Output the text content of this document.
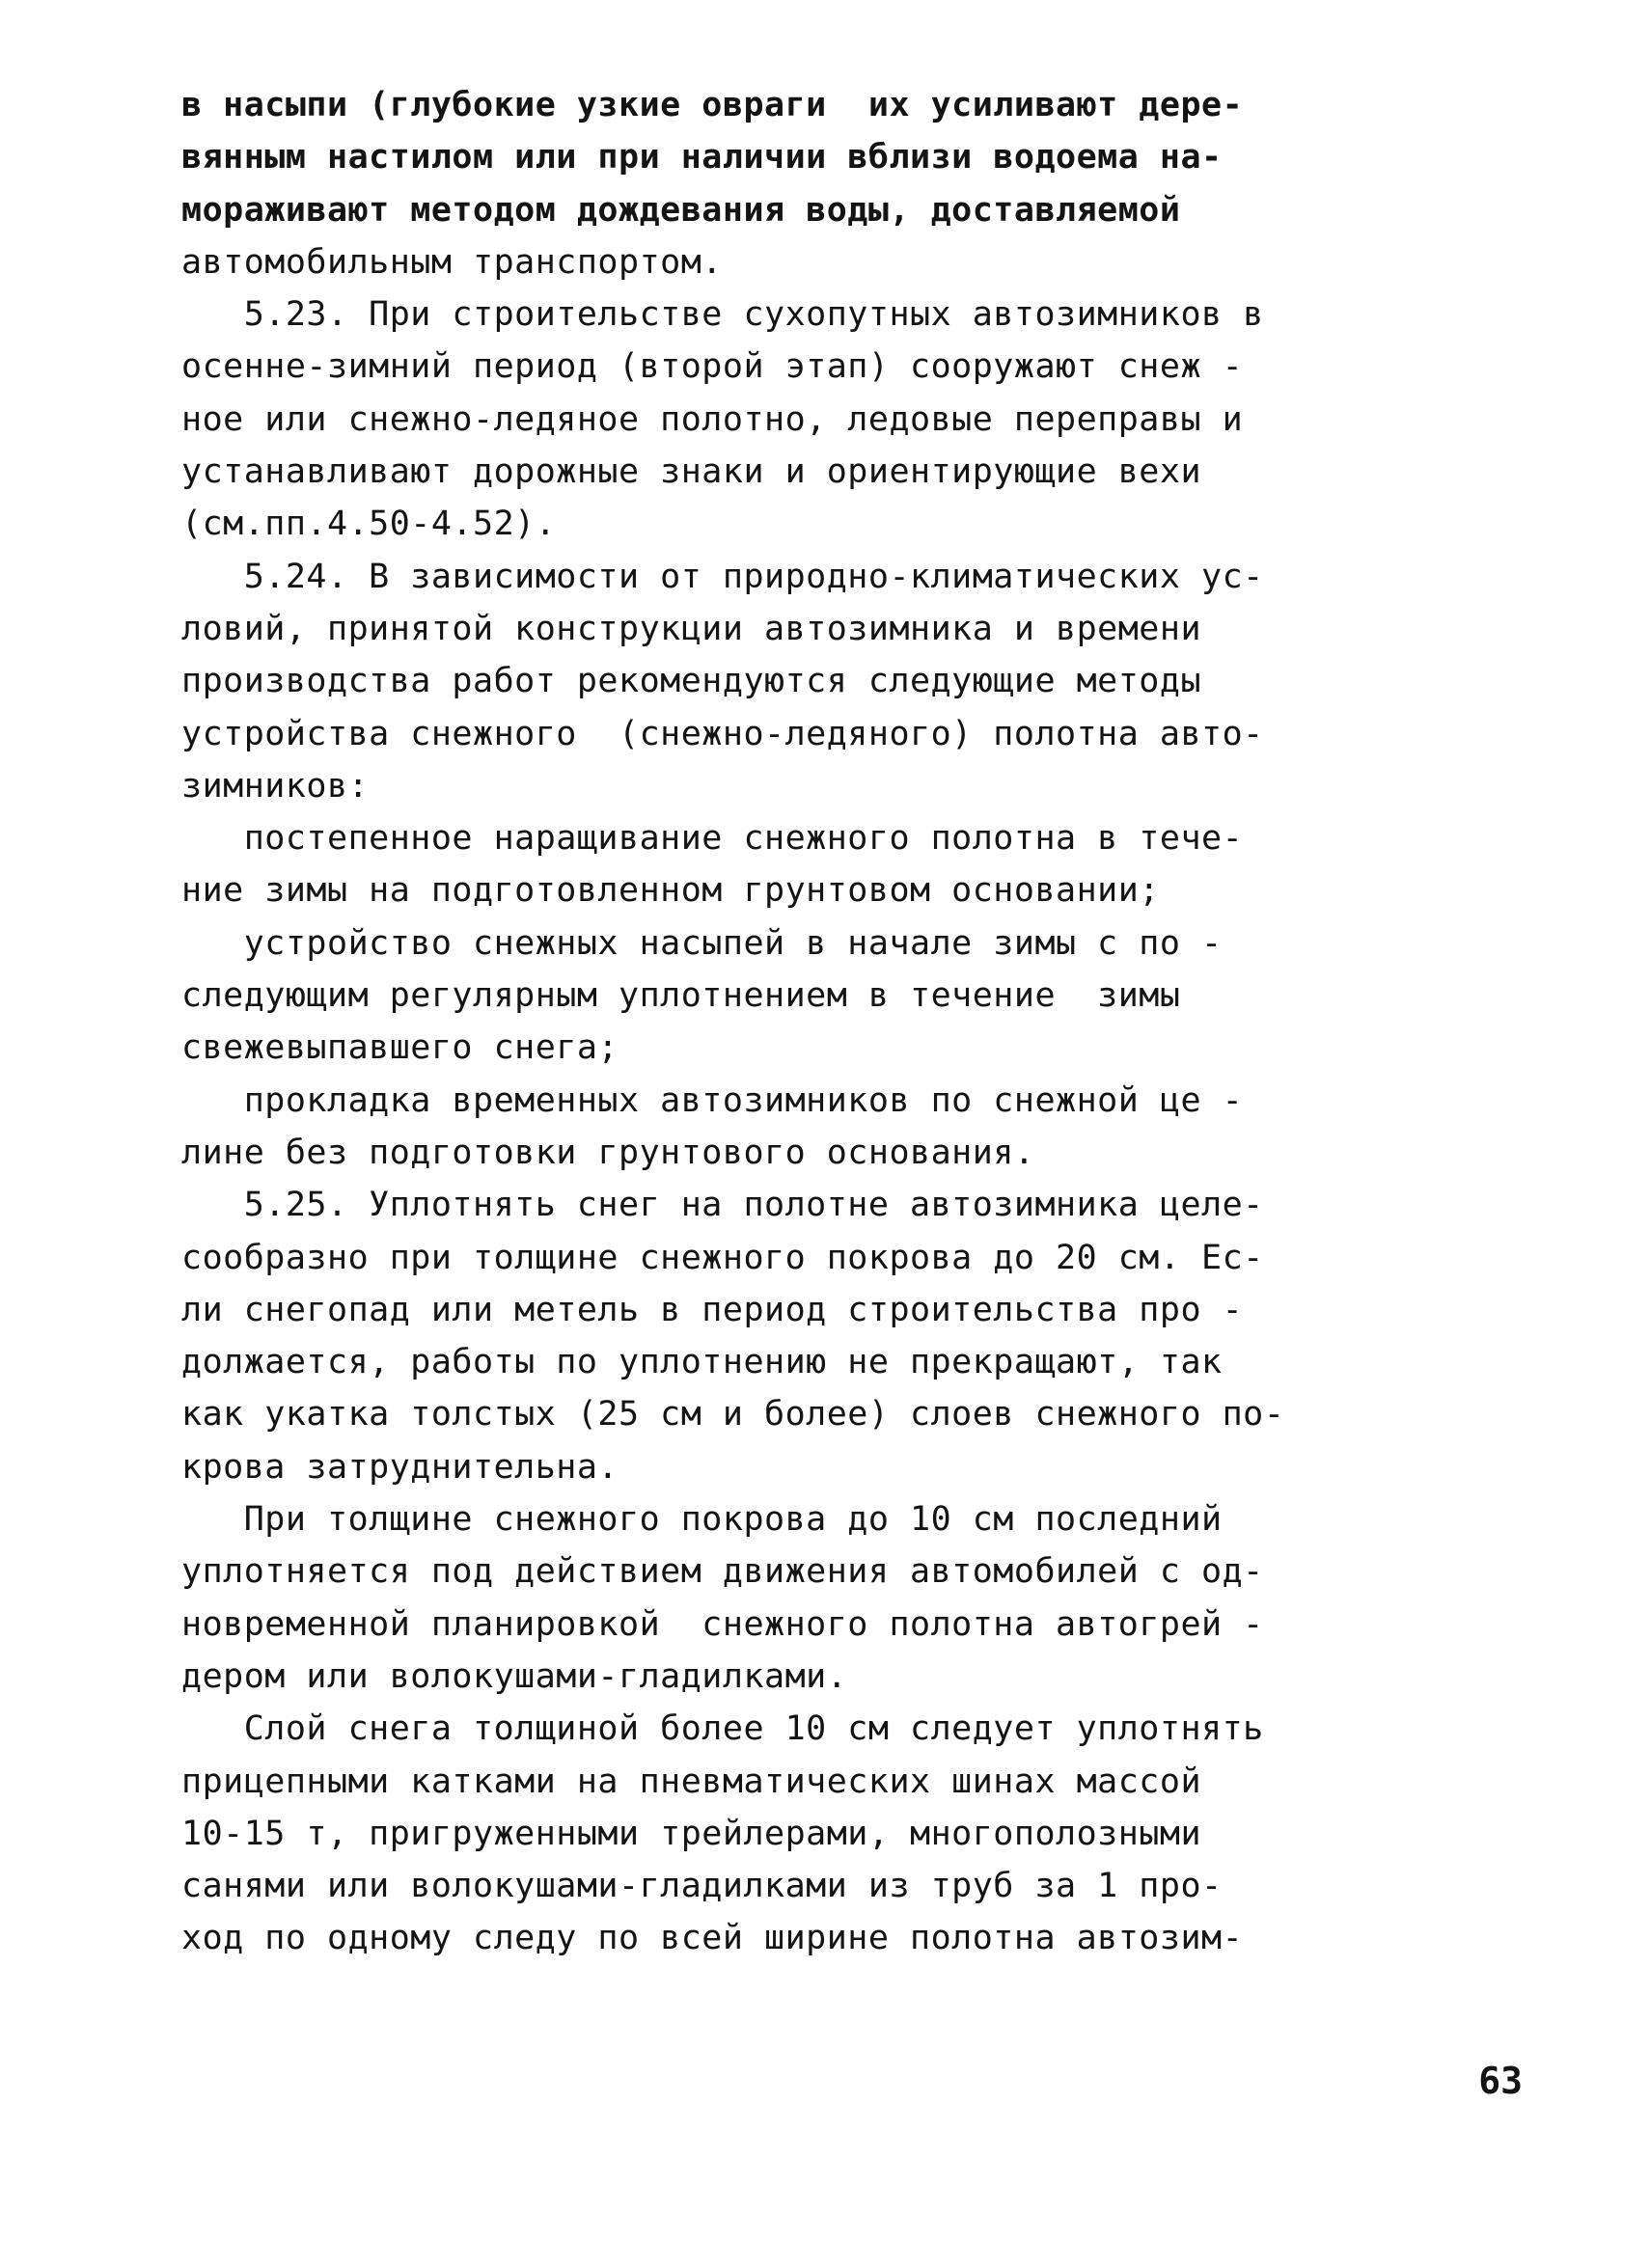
в насыпи (глубокие узкие овраги  их усиливают дере-
вянным настилом или при наличии вблизи водоема на-
мораживают методом дождевания воды, доставляемой
автомобильным транспортом.
5.23. При строительстве сухопутных автозимников в
осенне-зимний период (второй этап) сооружают снеж -
ное или снежно-ледяное полотно, ледовые переправы и
устанавливают дорожные знаки и ориентирующие вехи
(см.пп.4.50-4.52).
5.24. В зависимости от природно-климатических ус-
ловий, принятой конструкции автозимника и времени
производства работ рекомендуются следующие методы
устройства снежного  (снежно-ледяного) полотна авто-
зимников:
постепенное наращивание снежного полотна в тече-
ние зимы на подготовленном грунтовом основании;
устройство снежных насыпей в начале зимы с по -
следующим регулярным уплотнением в течение  зимы
свежевыпавшего снега;
прокладка временных автозимников по снежной це -
лине без подготовки грунтового основания.
5.25. Уплотнять снег на полотне автозимника целе-
сообразно при толщине снежного покрова до 20 см. Ес-
ли снегопад или метель в период строительства про -
должается, работы по уплотнению не прекращают, так
как укатка толстых (25 см и более) слоев снежного по-
крова затруднительна.
При толщине снежного покрова до 10 см последний
уплотняется под действием движения автомобилей с од-
новременной планировкой  снежного полотна автогрей -
дером или волокушами-гладилками.
Слой снега толщиной более 10 см следует уплотнять
прицепными катками на пневматических шинах массой
10-15 т, пригруженными трейлерами, многополозными
санями или волокушами-гладилками из труб за 1 про-
ход по одному следу по всей ширине полотна автозим-
63
